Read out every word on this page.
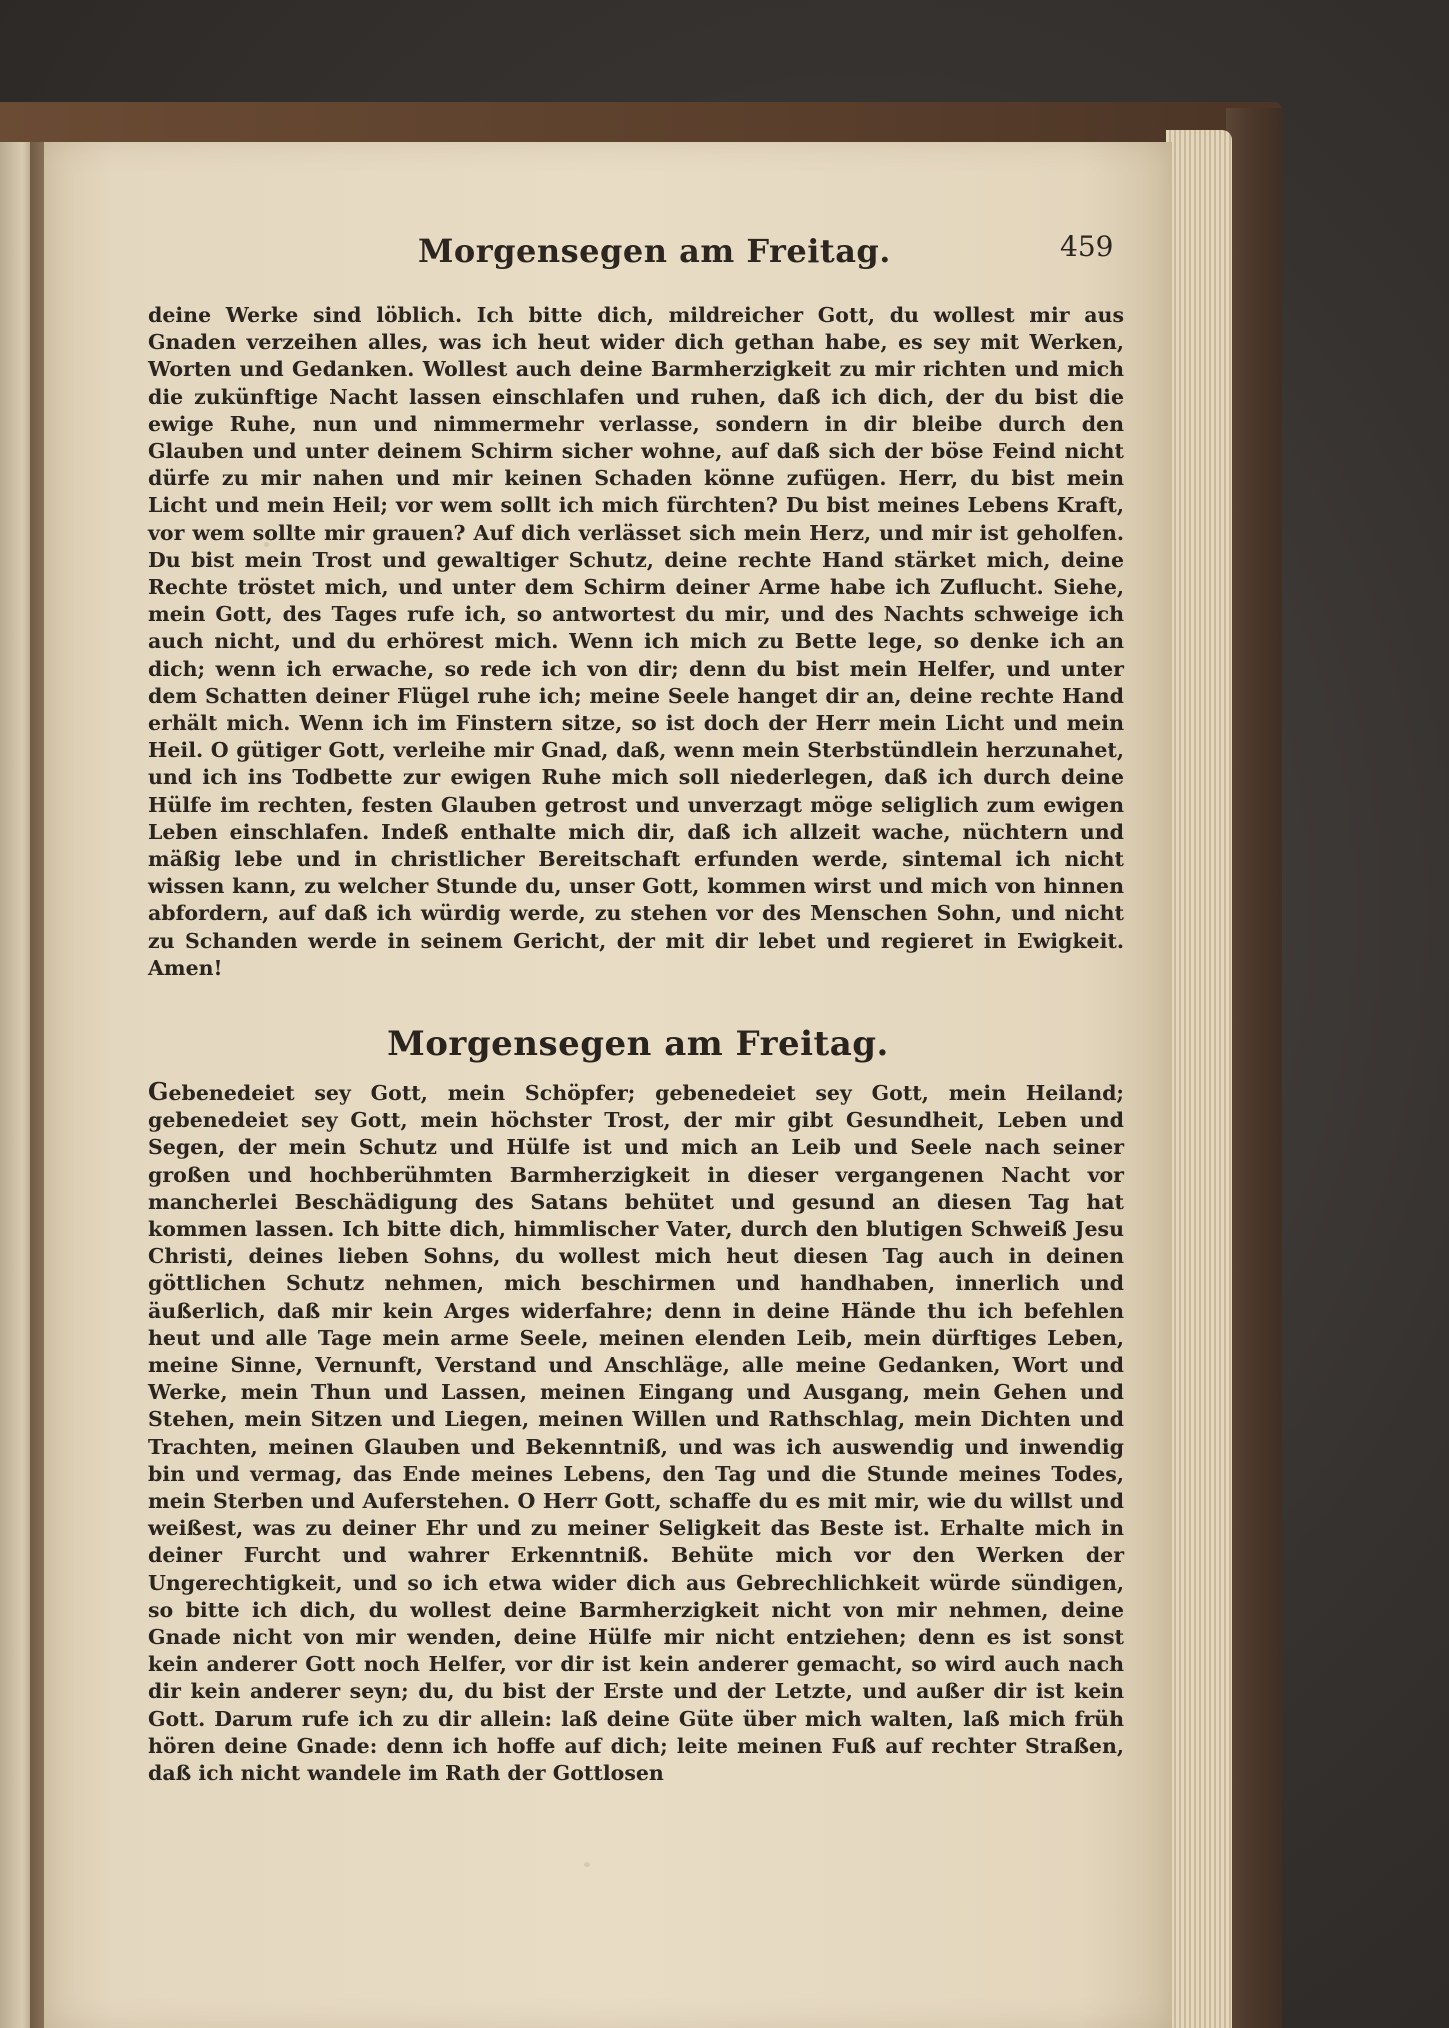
Morgensegen am Freitag.	459

deine Werke sind löblich. Ich bitte dich, mildreicher Gott, du wollest mir aus Gnaden verzeihen alles, was ich heut wider dich gethan habe, es sey mit Werken, Worten und Gedanken. Wollest auch deine Barmherzigkeit zu mir richten und mich die zukünftige Nacht lassen einschlafen und ruhen, daß ich dich, der du bist die ewige Ruhe, nun und nimmermehr verlasse, sondern in dir bleibe durch den Glauben und unter deinem Schirm sicher wohne, auf daß sich der böse Feind nicht dürfe zu mir nahen und mir keinen Schaden könne zufügen. Herr, du bist mein Licht und mein Heil; vor wem sollt ich mich fürchten? Du bist meines Lebens Kraft, vor wem sollte mir grauen? Auf dich verlässet sich mein Herz, und mir ist geholfen. Du bist mein Trost und gewaltiger Schutz, deine rechte Hand stärket mich, deine Rechte tröstet mich, und unter dem Schirm deiner Arme habe ich Zuflucht. Siehe, mein Gott, des Tages rufe ich, so antwortest du mir, und des Nachts schweige ich auch nicht, und du erhörest mich. Wenn ich mich zu Bette lege, so denke ich an dich; wenn ich erwache, so rede ich von dir; denn du bist mein Helfer, und unter dem Schatten deiner Flügel ruhe ich; meine Seele hanget dir an, deine rechte Hand erhält mich. Wenn ich im Finstern sitze, so ist doch der Herr mein Licht und mein Heil. O gütiger Gott, verleihe mir Gnad, daß, wenn mein Sterbstündlein herzunahet, und ich ins Todbette zur ewigen Ruhe mich soll niederlegen, daß ich durch deine Hülfe im rechten, festen Glauben getrost und unverzagt möge seliglich zum ewigen Leben einschlafen. Indeß enthalte mich dir, daß ich allzeit wache, nüchtern und mäßig lebe und in christlicher Bereitschaft erfunden werde, sintemal ich nicht wissen kann, zu welcher Stunde du, unser Gott, kommen wirst und mich von hinnen abfordern, auf daß ich würdig werde, zu stehen vor des Menschen Sohn, und nicht zu Schanden werde in seinem Gericht, der mit dir lebet und regieret in Ewigkeit. Amen!

Morgensegen am Freitag.

Gebenedeiet sey Gott, mein Schöpfer; gebenedeiet sey Gott, mein Heiland; gebenedeiet sey Gott, mein höchster Trost, der mir gibt Gesundheit, Leben und Segen, der mein Schutz und Hülfe ist und mich an Leib und Seele nach seiner großen und hochberühmten Barmherzigkeit in dieser vergangenen Nacht vor mancherlei Beschädigung des Satans behütet und gesund an diesen Tag hat kommen lassen. Ich bitte dich, himmlischer Vater, durch den blutigen Schweiß Jesu Christi, deines lieben Sohns, du wollest mich heut diesen Tag auch in deinen göttlichen Schutz nehmen, mich beschirmen und handhaben, innerlich und äußerlich, daß mir kein Arges widerfahre; denn in deine Hände thu ich befehlen heut und alle Tage mein arme Seele, meinen elenden Leib, mein dürftiges Leben, meine Sinne, Vernunft, Verstand und Anschläge, alle meine Gedanken, Wort und Werke, mein Thun und Lassen, meinen Eingang und Ausgang, mein Gehen und Stehen, mein Sitzen und Liegen, meinen Willen und Rathschlag, mein Dichten und Trachten, meinen Glauben und Bekenntniß, und was ich auswendig und inwendig bin und vermag, das Ende meines Lebens, den Tag und die Stunde meines Todes, mein Sterben und Auferstehen. O Herr Gott, schaffe du es mit mir, wie du willst und weißest, was zu deiner Ehr und zu meiner Seligkeit das Beste ist. Erhalte mich in deiner Furcht und wahrer Erkenntniß. Behüte mich vor den Werken der Ungerechtigkeit, und so ich etwa wider dich aus Gebrechlichkeit würde sündigen, so bitte ich dich, du wollest deine Barmherzigkeit nicht von mir nehmen, deine Gnade nicht von mir wenden, deine Hülfe mir nicht entziehen; denn es ist sonst kein anderer Gott noch Helfer, vor dir ist kein anderer gemacht, so wird auch nach dir kein anderer seyn; du, du bist der Erste und der Letzte, und außer dir ist kein Gott. Darum rufe ich zu dir allein: laß deine Güte über mich walten, laß mich früh hören deine Gnade: denn ich hoffe auf dich; leite meinen Fuß auf rechter Straßen, daß ich nicht wandele im Rath der Gottlosen
